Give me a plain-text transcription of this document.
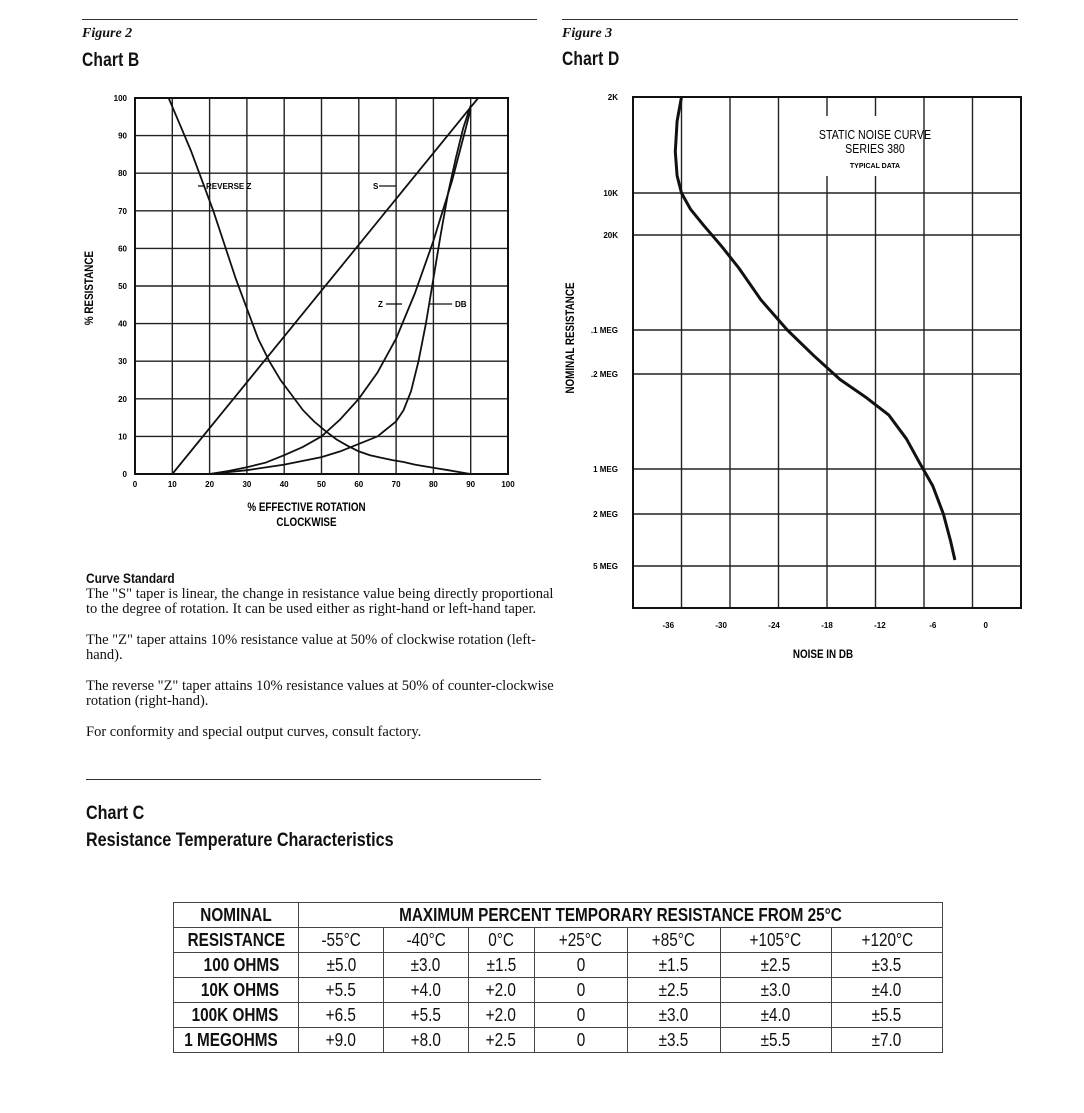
Figure 2
Chart B
Figure 3
Chart D
0	10	20	30	40	50	60	70	80	90	100
0
10
20
30
40
50
60
70
80
90
100
% EFFECTIVE ROTATION
CLOCKWISE
% RESISTANCE
REVERSE Z	S
Z	DB
2K
10K
20K
.1 MEG
.2 MEG
1 MEG
2 MEG
5 MEG
-36	-30	-24	-18	-12	-6	0
NOISE IN DB
NOMINAL RESISTANCE
STATIC NOISE CURVE
SERIES 380
TYPICAL DATA
Curve Standard

The "S" taper is linear, the change in resistance value being directly proportional to the degree of rotation. It can be used either as right-hand or left-hand taper.

The "Z" taper attains 10% resistance value at 50% of clockwise rotation (left-hand).

The reverse "Z" taper attains 10% resistance values at 50% of counter-clockwise rotation (right-hand).

For conformity and special output curves, consult factory.

Chart C
Resistance Temperature Characteristics
NOMINAL	MAXIMUM PERCENT TEMPORARY RESISTANCE FROM 25°C						
RESISTANCE	-55°C	-40°C	0°C	+25°C	+85°C	+105°C	+120°C
100 OHMS	±5.0	±3.0	±1.5	0	±1.5	±2.5	±3.5
10K OHMS	+5.5	+4.0	+2.0	0	±2.5	±3.0	±4.0
100K OHMS	+6.5	+5.5	+2.0	0	±3.0	±4.0	±5.5
1 MEGOHMS	+9.0	+8.0	+2.5	0	±3.5	±5.5	±7.0
